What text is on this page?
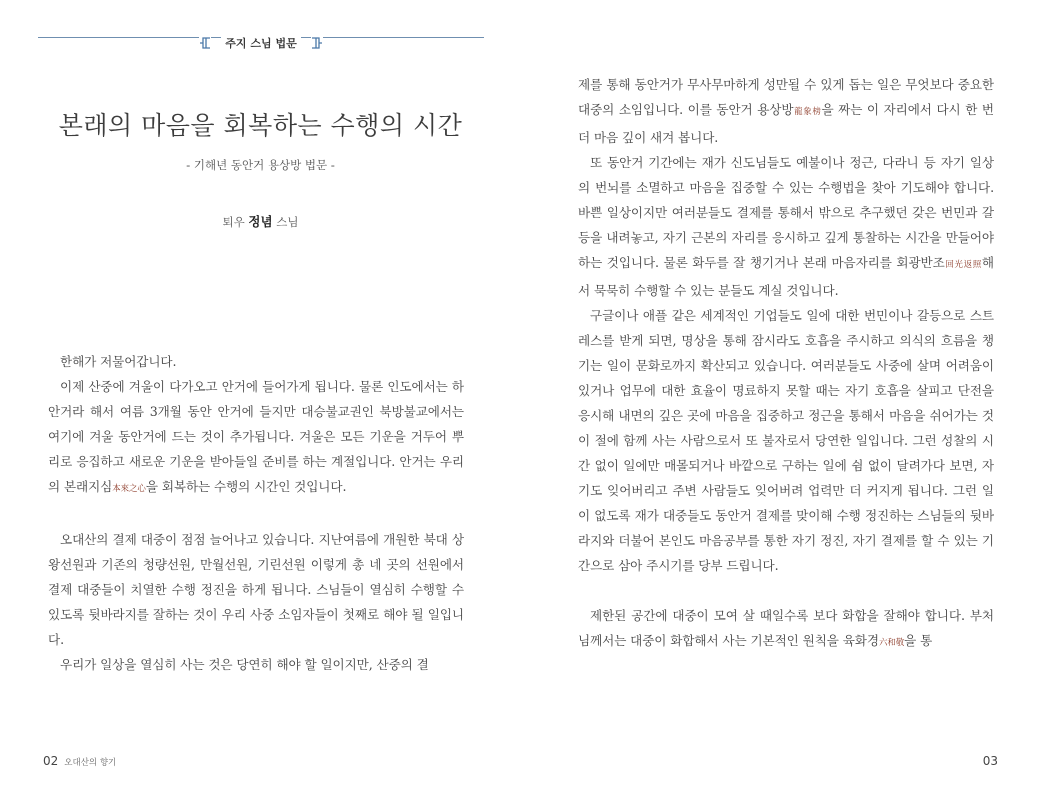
주지 스님 법문
본래의 마음을 회복하는 수행의 시간
- 기해년 동안거 용상방 법문 -
퇴우 정념 스님

한해가 저물어갑니다.

이제 산중에 겨울이 다가오고 안거에 들어가게 됩니다. 물론 인도에서는 하안거라 해서 여름 3개월 동안 안거에 들지만 대승불교권인 북방불교에서는 여기에 겨울 동안거에 드는 것이 추가됩니다. 겨울은 모든 기운을 거두어 뿌리로 응집하고 새로운 기운을 받아들일 준비를 하는 계절입니다. 안거는 우리의 본래지심本來之心을 회복하는 수행의 시간인 것입니다.

오대산의 결제 대중이 점점 늘어나고 있습니다. 지난여름에 개원한 북대 상왕선원과 기존의 청량선원, 만월선원, 기린선원 이렇게 총 네 곳의 선원에서 결제 대중들이 치열한 수행 정진을 하게 됩니다. 스님들이 열심히 수행할 수 있도록 뒷바라지를 잘하는 것이 우리 사중 소임자들이 첫째로 해야 될 일입니다.

우리가 일상을 열심히 사는 것은 당연히 해야 할 일이지만, 산중의 결

02 오대산의 향기

제를 통해 동안거가 무사무마하게 성만될 수 있게 돕는 일은 무엇보다 중요한 대중의 소임입니다. 이를 동안거 용상방龍象榜을 짜는 이 자리에서 다시 한 번 더 마음 깊이 새겨 봅니다.

또 동안거 기간에는 재가 신도님들도 예불이나 정근, 다라니 등 자기 일상의 번뇌를 소멸하고 마음을 집중할 수 있는 수행법을 찾아 기도해야 합니다. 바쁜 일상이지만 여러분들도 결제를 통해서 밖으로 추구했던 갖은 번민과 갈등을 내려놓고, 자기 근본의 자리를 응시하고 깊게 통찰하는 시간을 만들어야 하는 것입니다. 물론 화두를 잘 챙기거나 본래 마음자리를 회광반조回光返照해서 묵묵히 수행할 수 있는 분들도 계실 것입니다.

구글이나 애플 같은 세계적인 기업들도 일에 대한 번민이나 갈등으로 스트레스를 받게 되면, 명상을 통해 잠시라도 호흡을 주시하고 의식의 흐름을 챙기는 일이 문화로까지 확산되고 있습니다. 여러분들도 사중에 살며 어려움이 있거나 업무에 대한 효율이 명료하지 못할 때는 자기 호흡을 살피고 단전을 응시해 내면의 깊은 곳에 마음을 집중하고 정근을 통해서 마음을 쉬어가는 것이 절에 함께 사는 사람으로서 또 불자로서 당연한 일입니다. 그런 성찰의 시간 없이 일에만 매몰되거나 바깥으로 구하는 일에 쉼 없이 달려가다 보면, 자기도 잊어버리고 주변 사람들도 잊어버려 업력만 더 커지게 됩니다. 그런 일이 없도록 재가 대중들도 동안거 결제를 맞이해 수행 정진하는 스님들의 뒷바라지와 더불어 본인도 마음공부를 통한 자기 정진, 자기 결제를 할 수 있는 기간으로 삼아 주시기를 당부 드립니다.

제한된 공간에 대중이 모여 살 때일수록 보다 화합을 잘해야 합니다. 부처님께서는 대중이 화합해서 사는 기본적인 원칙을 육화경六和敬을 통

03
